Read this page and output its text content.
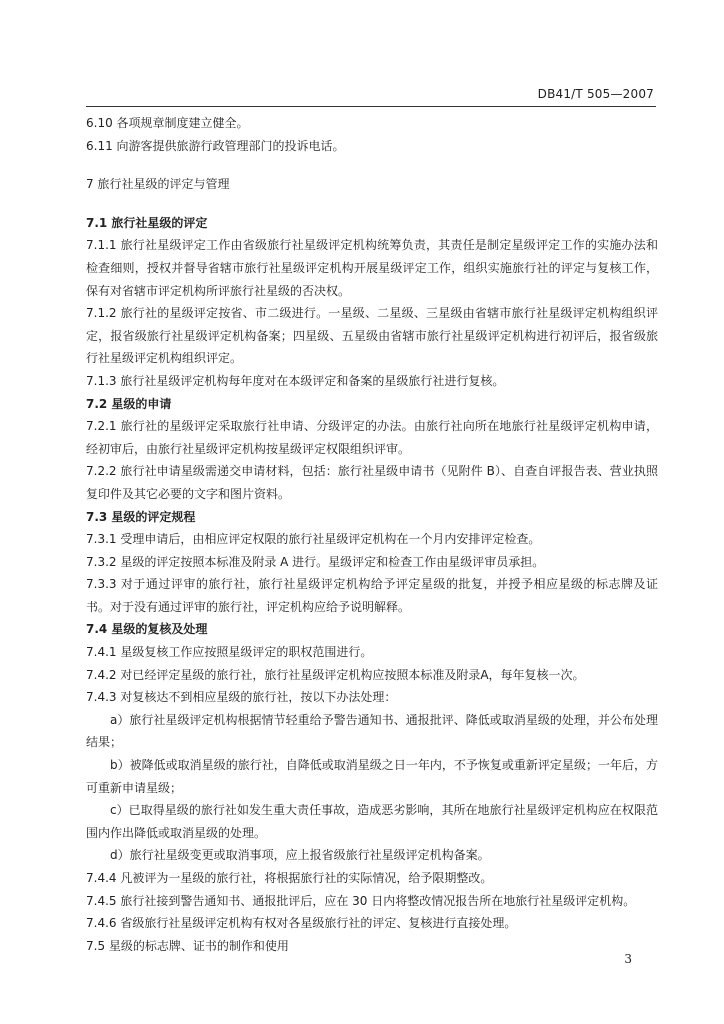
DB41/T 505—2007

6.10 各项规章制度建立健全。

6.11 向游客提供旅游行政管理部门的投诉电话。

7 旅行社星级的评定与管理

7.1 旅行社星级的评定

7.1.1 旅行社星级评定工作由省级旅行社星级评定机构统筹负责，其责任是制定星级评定工作的实施办法和检查细则，授权并督导省辖市旅行社星级评定机构开展星级评定工作，组织实施旅行社的评定与复核工作，保有对省辖市评定机构所评旅行社星级的否决权。

7.1.2 旅行社的星级评定按省、市二级进行。一星级、二星级、三星级由省辖市旅行社星级评定机构组织评定，报省级旅行社星级评定机构备案；四星级、五星级由省辖市旅行社星级评定机构进行初评后，报省级旅行社星级评定机构组织评定。

7.1.3 旅行社星级评定机构每年度对在本级评定和备案的星级旅行社进行复核。

7.2 星级的申请

7.2.1 旅行社的星级评定采取旅行社申请、分级评定的办法。由旅行社向所在地旅行社星级评定机构申请，经初审后，由旅行社星级评定机构按星级评定权限组织评审。

7.2.2 旅行社申请星级需递交申请材料，包括：旅行社星级申请书（见附件 B）、自查自评报告表、营业执照复印件及其它必要的文字和图片资料。

7.3 星级的评定规程

7.3.1 受理申请后，由相应评定权限的旅行社星级评定机构在一个月内安排评定检查。

7.3.2 星级的评定按照本标准及附录 A 进行。星级评定和检查工作由星级评审员承担。

7.3.3 对于通过评审的旅行社，旅行社星级评定机构给予评定星级的批复，并授予相应星级的标志牌及证书。对于没有通过评审的旅行社，评定机构应给予说明解释。

7.4 星级的复核及处理

7.4.1 星级复核工作应按照星级评定的职权范围进行。

7.4.2 对已经评定星级的旅行社，旅行社星级评定机构应按照本标准及附录A，每年复核一次。

7.4.3 对复核达不到相应星级的旅行社，按以下办法处理：

a）旅行社星级评定机构根据情节轻重给予警告通知书、通报批评、降低或取消星级的处理，并公布处理结果；

b）被降低或取消星级的旅行社，自降低或取消星级之日一年内，不予恢复或重新评定星级；一年后，方可重新申请星级；

c）已取得星级的旅行社如发生重大责任事故，造成恶劣影响，其所在地旅行社星级评定机构应在权限范围内作出降低或取消星级的处理。

d）旅行社星级变更或取消事项，应上报省级旅行社星级评定机构备案。

7.4.4 凡被评为一星级的旅行社，将根据旅行社的实际情况，给予限期整改。

7.4.5 旅行社接到警告通知书、通报批评后，应在 30 日内将整改情况报告所在地旅行社星级评定机构。

7.4.6 省级旅行社星级评定机构有权对各星级旅行社的评定、复核进行直接处理。

7.5 星级的标志牌、证书的制作和使用

3
